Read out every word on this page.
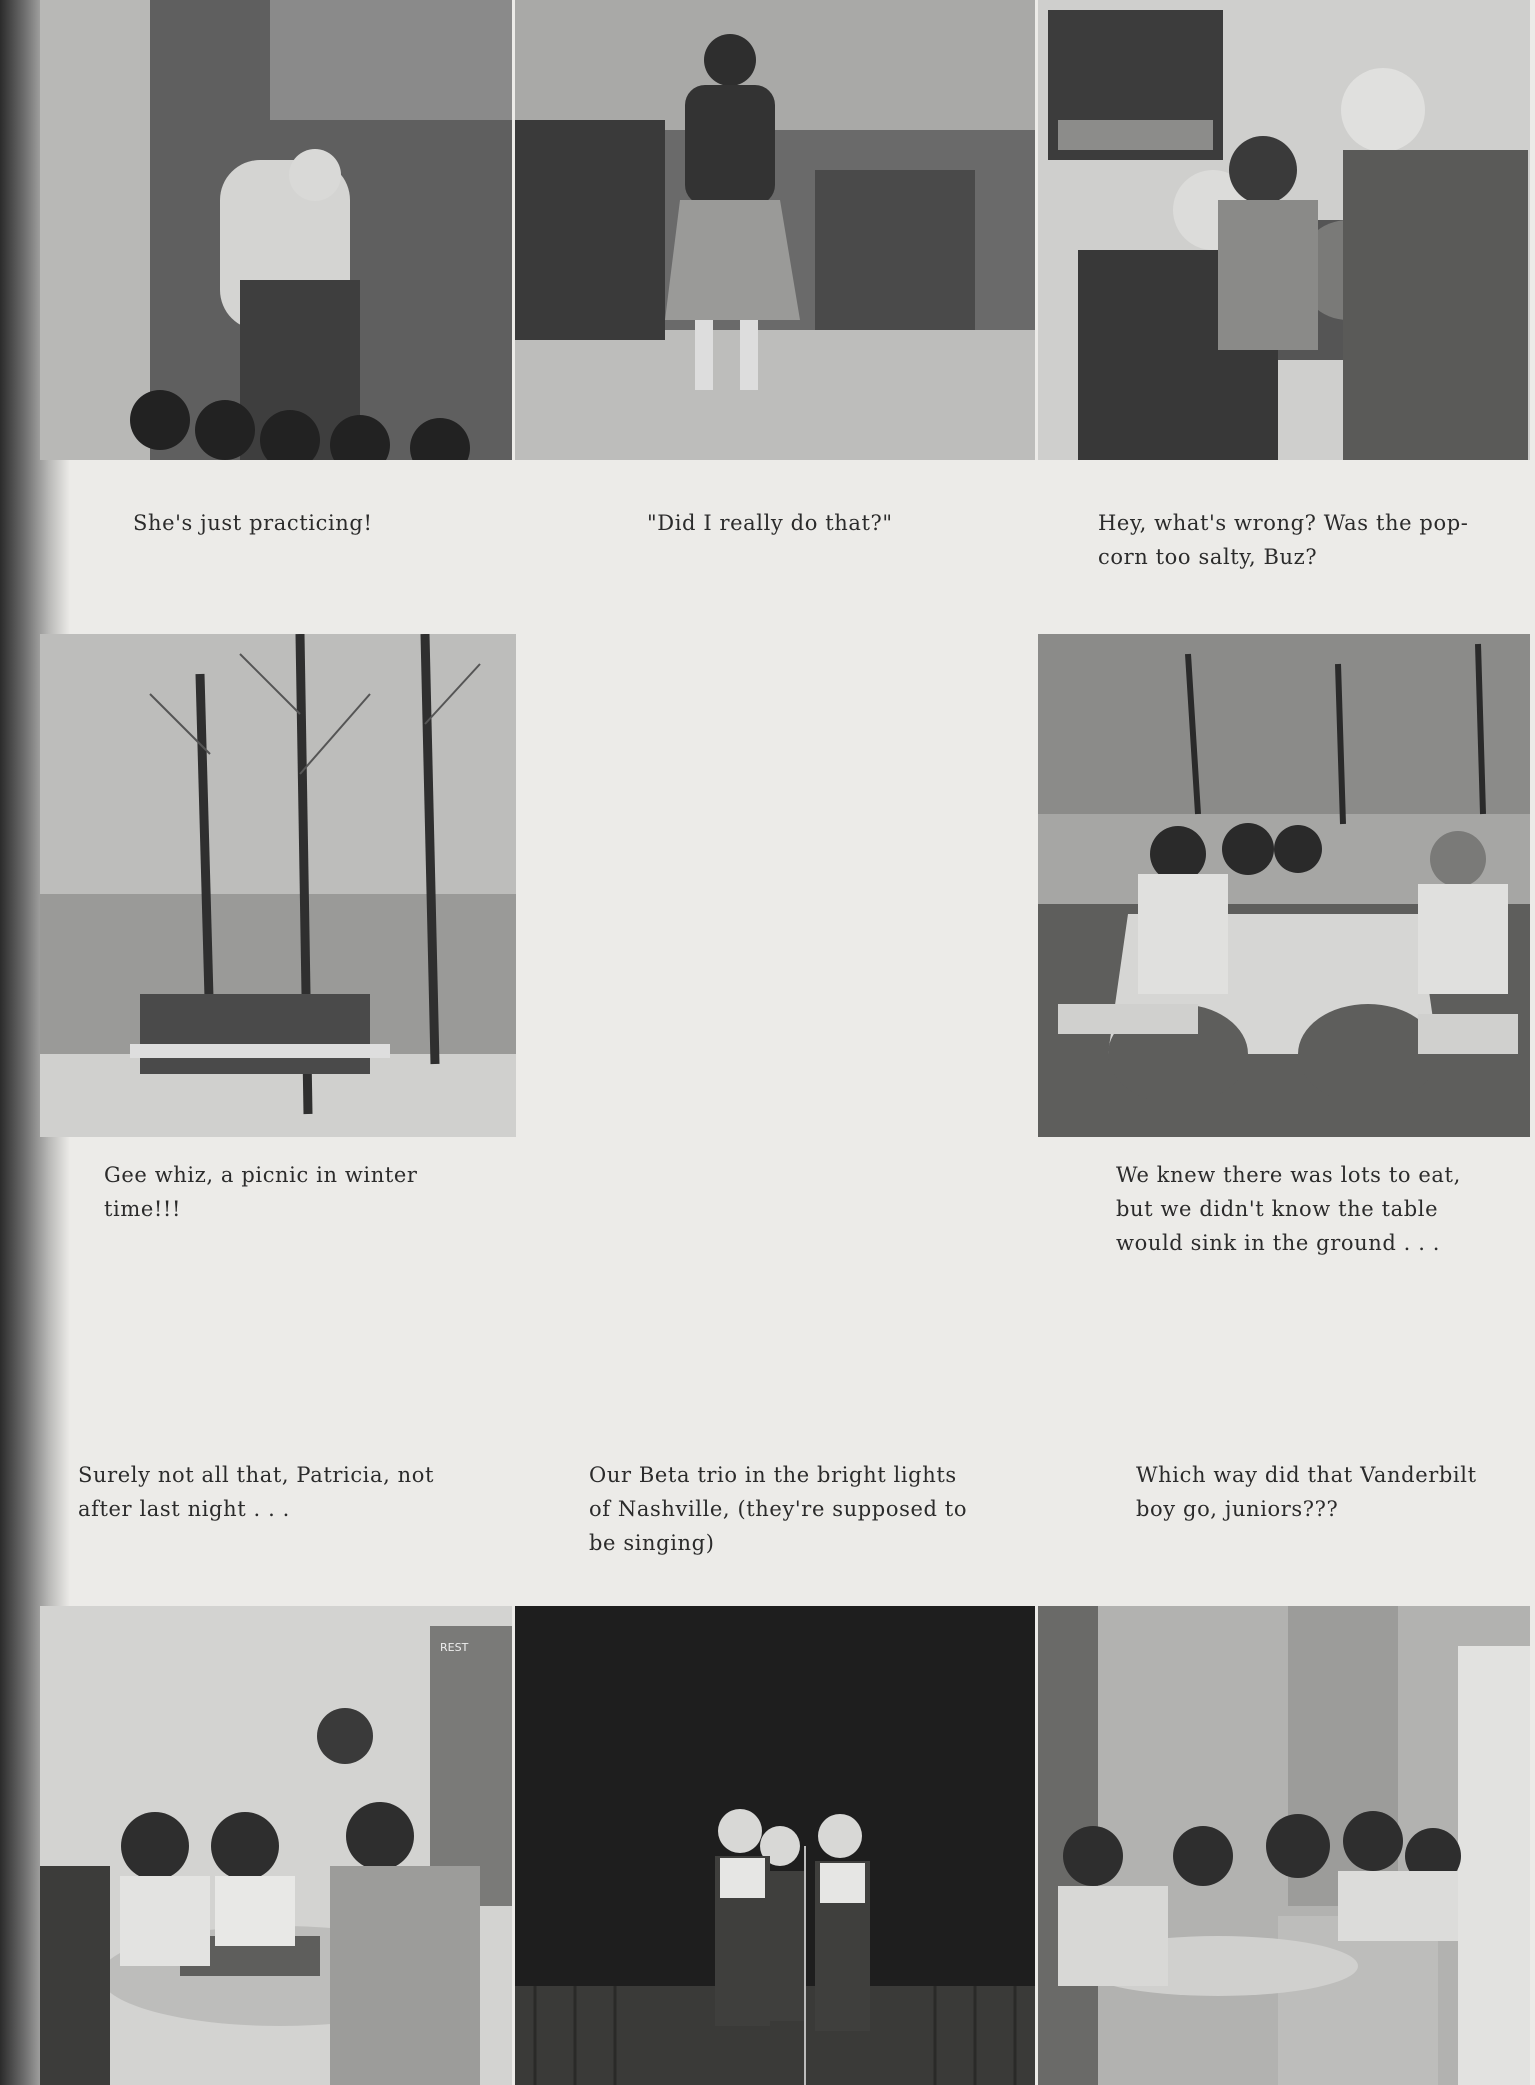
She's just practicing!	"Did I really do that?"	Hey, what's wrong? Was the pop-
corn too salty, Buz?
Gee whiz, a picnic in winter
time!!!
We knew there was lots to eat,
but we didn't know the table
would sink in the ground . . .
Surely not all that, Patricia, not
after last night . . .
Our Beta trio in the bright lights
of Nashville, (they're supposed to
be singing)
Which way did that Vanderbilt
boy go, juniors???
REST
